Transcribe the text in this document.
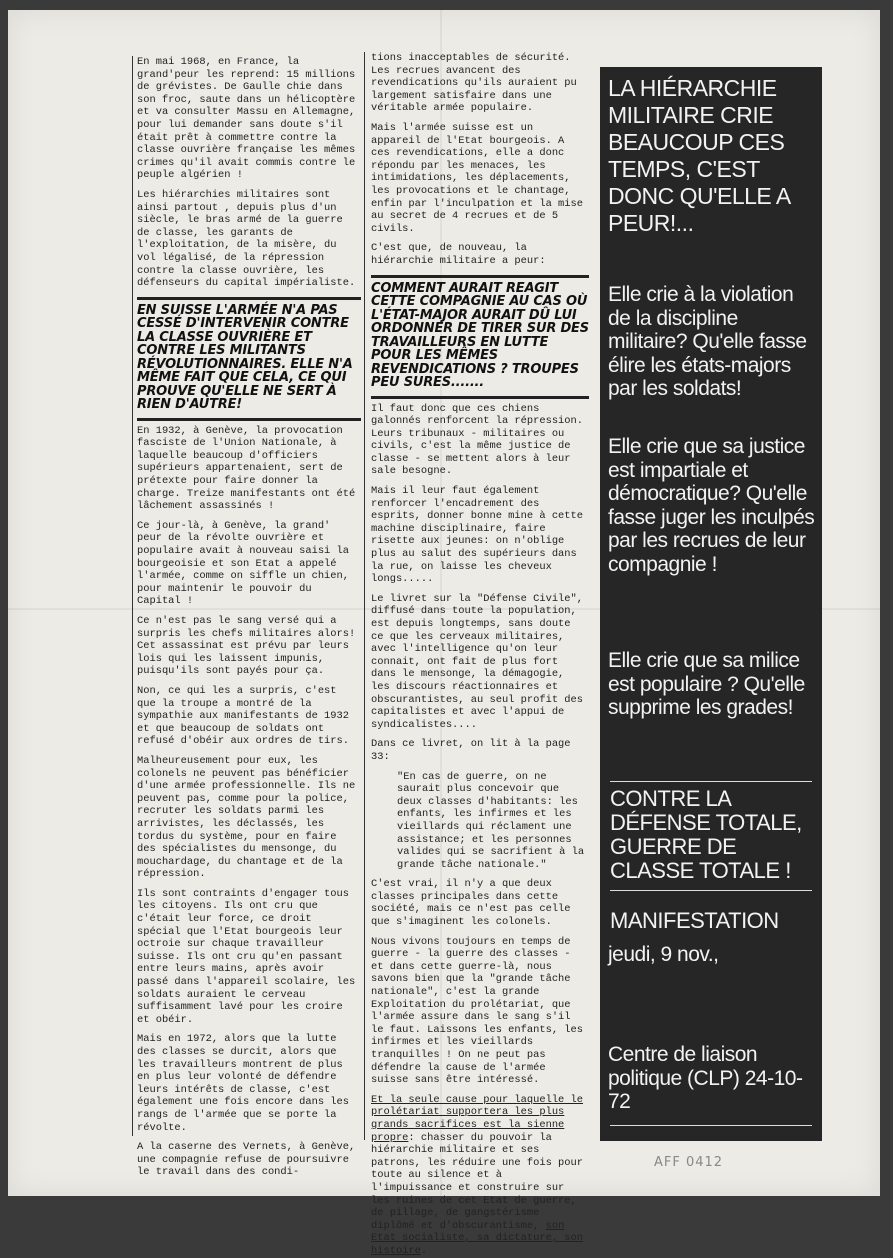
En mai 1968, en France, la grand'peur les reprend: 15 millions de grévistes. De Gaulle chie dans son froc, saute dans un hélicoptère et va consulter Massu en Allemagne, pour lui demander sans doute s'il était prêt à commettre contre la classe ouvrière française les mêmes crimes qu'il avait commis contre le peuple algérien !

Les hiérarchies militaires sont ainsi partout , depuis plus d'un siècle, le bras armé de la guerre de classe, les garants de l'exploitation, de la misère, du vol légalisé, de la répression contre la classe ouvrière, les défenseurs du capital impérialiste.

EN SUISSE L'ARMÉE N'A PAS CESSÉ D'INTERVENIR CONTRE LA CLASSE OUVRIÈRE ET CONTRE LES MILITANTS RÉVOLUTIONNAIRES. ELLE N'A MÊME FAIT QUE CELA, CE QUI PROUVE QU'ELLE NE SERT À RIEN D'AUTRE!

En 1932, à Genève, la provocation fasciste de l'Union Nationale, à laquelle beaucoup d'officiers supérieurs appartenaient, sert de prétexte pour faire donner la charge. Treize manifestants ont été lâchement assassinés !

Ce jour-là, à Genève, la grand' peur de la révolte ouvrière et populaire avait à nouveau saisi la bourgeoisie et son Etat a appelé l'armée, comme on siffle un chien, pour maintenir le pouvoir du Capital !

Ce n'est pas le sang versé qui a surpris les chefs militaires alors! Cet assassinat est prévu par leurs lois qui les laissent impunis, puisqu'ils sont payés pour ça.

Non, ce qui les a surpris, c'est que la troupe a montré de la sympathie aux manifestants de 1932 et que beaucoup de soldats ont refusé d'obéir aux ordres de tirs.

Malheureusement pour eux, les colonels ne peuvent pas bénéficier d'une armée professionnelle. Ils ne peuvent pas, comme pour la police, recruter les soldats parmi les arrivistes, les déclassés, les tordus du système, pour en faire des spécialistes du mensonge, du mouchardage, du chantage et de la répression.

Ils sont contraints d'engager tous les citoyens. Ils ont cru que c'était leur force, ce droit spécial que l'Etat bourgeois leur octroie sur chaque travailleur suisse. Ils ont cru qu'en passant entre leurs mains, après avoir passé dans l'appareil scolaire, les soldats auraient le cerveau suffisamment lavé pour les croire et obéir.

Mais en 1972, alors que la lutte des classes se durcit, alors que les travailleurs montrent de plus en plus leur volonté de défendre leurs intérêts de classe, c'est également une fois encore dans les rangs de l'armée que se porte la révolte.

A la caserne des Vernets, à Genève, une compagnie refuse de poursuivre le travail dans des condi-

tions inacceptables de sécurité. Les recrues avancent des revendications qu'ils auraient pu largement satisfaire dans une véritable armée populaire.

Mais l'armée suisse est un appareil de l'Etat bourgeois. A ces revendications, elle a donc répondu par les menaces, les intimidations, les déplacements, les provocations et le chantage, enfin par l'inculpation et la mise au secret de 4 recrues et de 5 civils.

C'est que, de nouveau, la hiérarchie militaire a peur:

COMMENT AURAIT REAGIT CETTE COMPAGNIE AU CAS OÙ L'ÉTAT-MAJOR AURAIT DÛ LUI ORDONNER DE TIRER SUR DES TRAVAILLEURS EN LUTTE POUR LES MÊMES REVENDICATIONS ? TROUPES PEU SURES.......

Il faut donc que ces chiens galonnés renforcent la répression. Leurs tribunaux - militaires ou civils, c'est la même justice de classe - se mettent alors à leur sale besogne.

Mais il leur faut également renforcer l'encadrement des esprits, donner bonne mine à cette machine disciplinaire, faire risette aux jeunes: on n'oblige plus au salut des supérieurs dans la rue, on laisse les cheveux longs.....

Le livret sur la "Défense Civile", diffusé dans toute la population, est depuis longtemps, sans doute ce que les cerveaux militaires, avec l'intelligence qu'on leur connait, ont fait de plus fort dans le mensonge, la démagogie, les discours réactionnaires et obscurantistes, au seul profit des capitalistes et avec l'appui de syndicalistes....

Dans ce livret, on lit à la page 33:

"En cas de guerre, on ne saurait plus concevoir que deux classes d'habitants: les enfants, les infirmes et les vieillards qui réclament une assistance; et les personnes valides qui se sacrifient à la grande tâche nationale."

C'est vrai, il n'y a que deux classes principales dans cette société, mais ce n'est pas celle que s'imaginent les colonels.

Nous vivons toujours en temps de guerre - la guerre des classes - et dans cette guerre-là, nous savons bien que la "grande tâche nationale", c'est la grande Exploitation du prolétariat, que l'armée assure dans le sang s'il le faut. Laissons les enfants, les infirmes et les vieillards tranquilles ! On ne peut pas défendre la cause de l'armée suisse sans être intéressé.

Et la seule cause pour laquelle le prolétariat supportera les plus grands sacrifices est la sienne propre: chasser du pouvoir la hiérarchie militaire et ses patrons, les réduire une fois pour toute au silence et à l'impuissance et construire sur les ruines de cet Etat de guerre, de pillage, de gangstérisme diplômé et d'obscurantisme, son Etat socialiste, sa dictature, son histoire.

LA HIÉRARCHIE MILITAIRE CRIE BEAUCOUP CES TEMPS, C'EST DONC QU'ELLE A PEUR!...
Elle crie à la violation de la discipline militaire? Qu'elle fasse élire les états-majors par les soldats!
Elle crie que sa justice est impartiale et démocratique? Qu'elle fasse juger les inculpés par les recrues de leur compagnie !
Elle crie que sa milice est populaire ? Qu'elle supprime les grades!
CONTRE LA DÉFENSE TOTALE, GUERRE DE CLASSE TOTALE !
MANIFESTATION
jeudi, 9 nov.,
Centre de liaison politique (CLP) 24-10-72
AFF 0412
